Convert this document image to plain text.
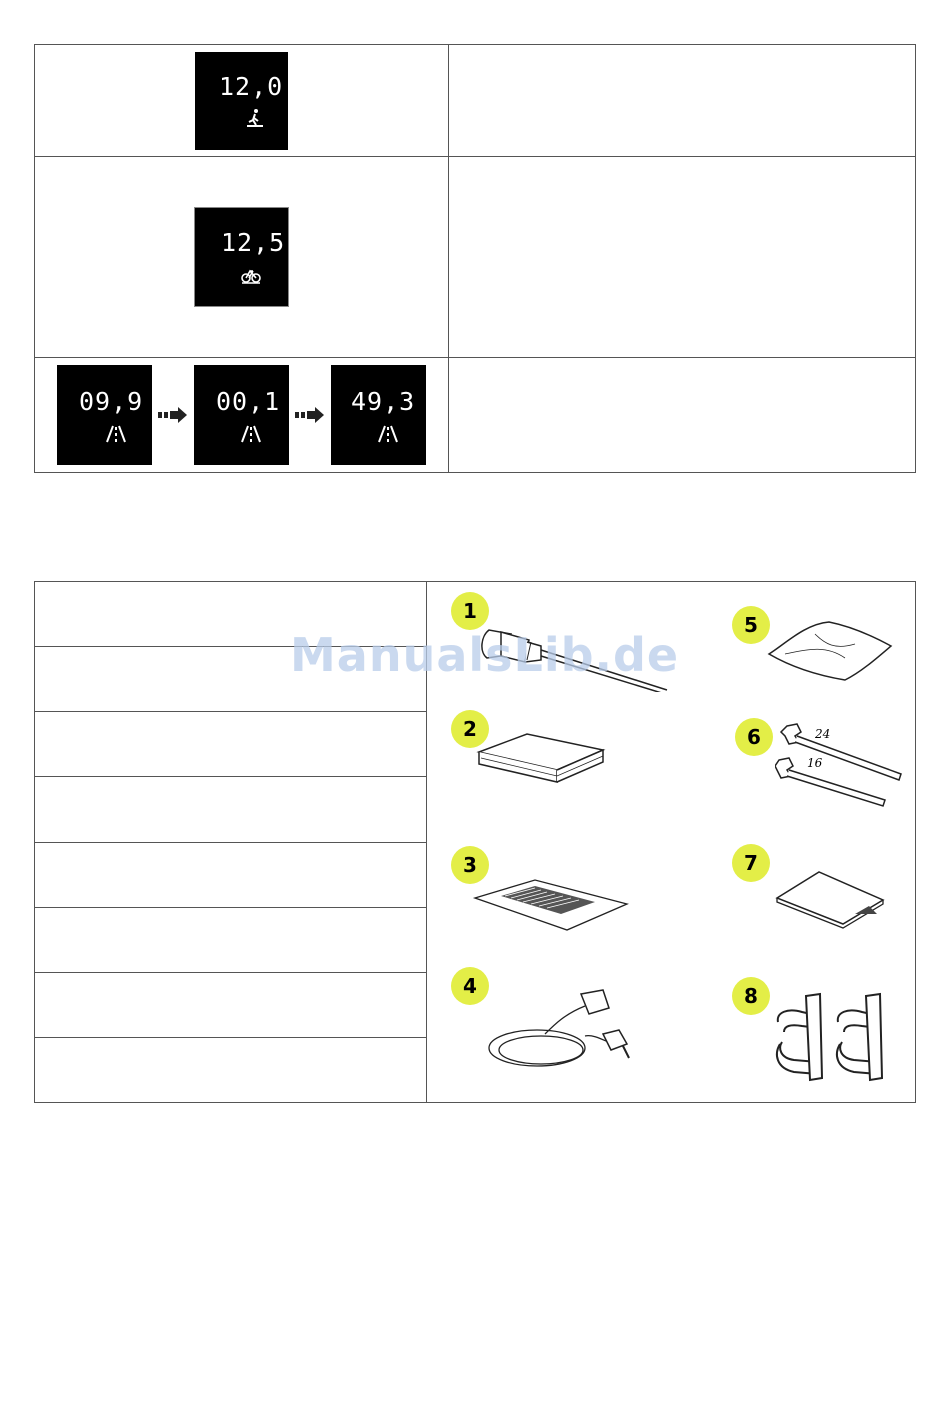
12,0
12,5
09,9	00,1	49,3
1
2
3
4
5
6	24
16
7
8
ManualsLib.de
